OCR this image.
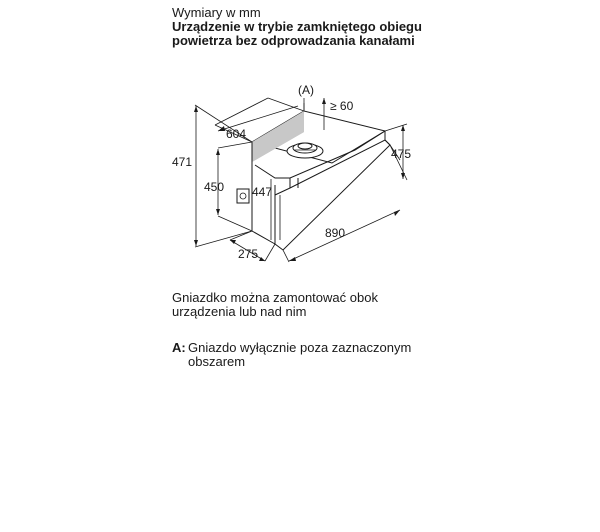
Wymiary w mm
Urządzenie w trybie zamkniętego obiegu
powietrza bez odprowadzania kanałami
(A)
≥ 60
604
471
450 447
475
890
275
Gniazdko można zamontować obok
urządzenia lub nad nim
A: Gniazdo wyłącznie poza zaznaczonym
obszarem
